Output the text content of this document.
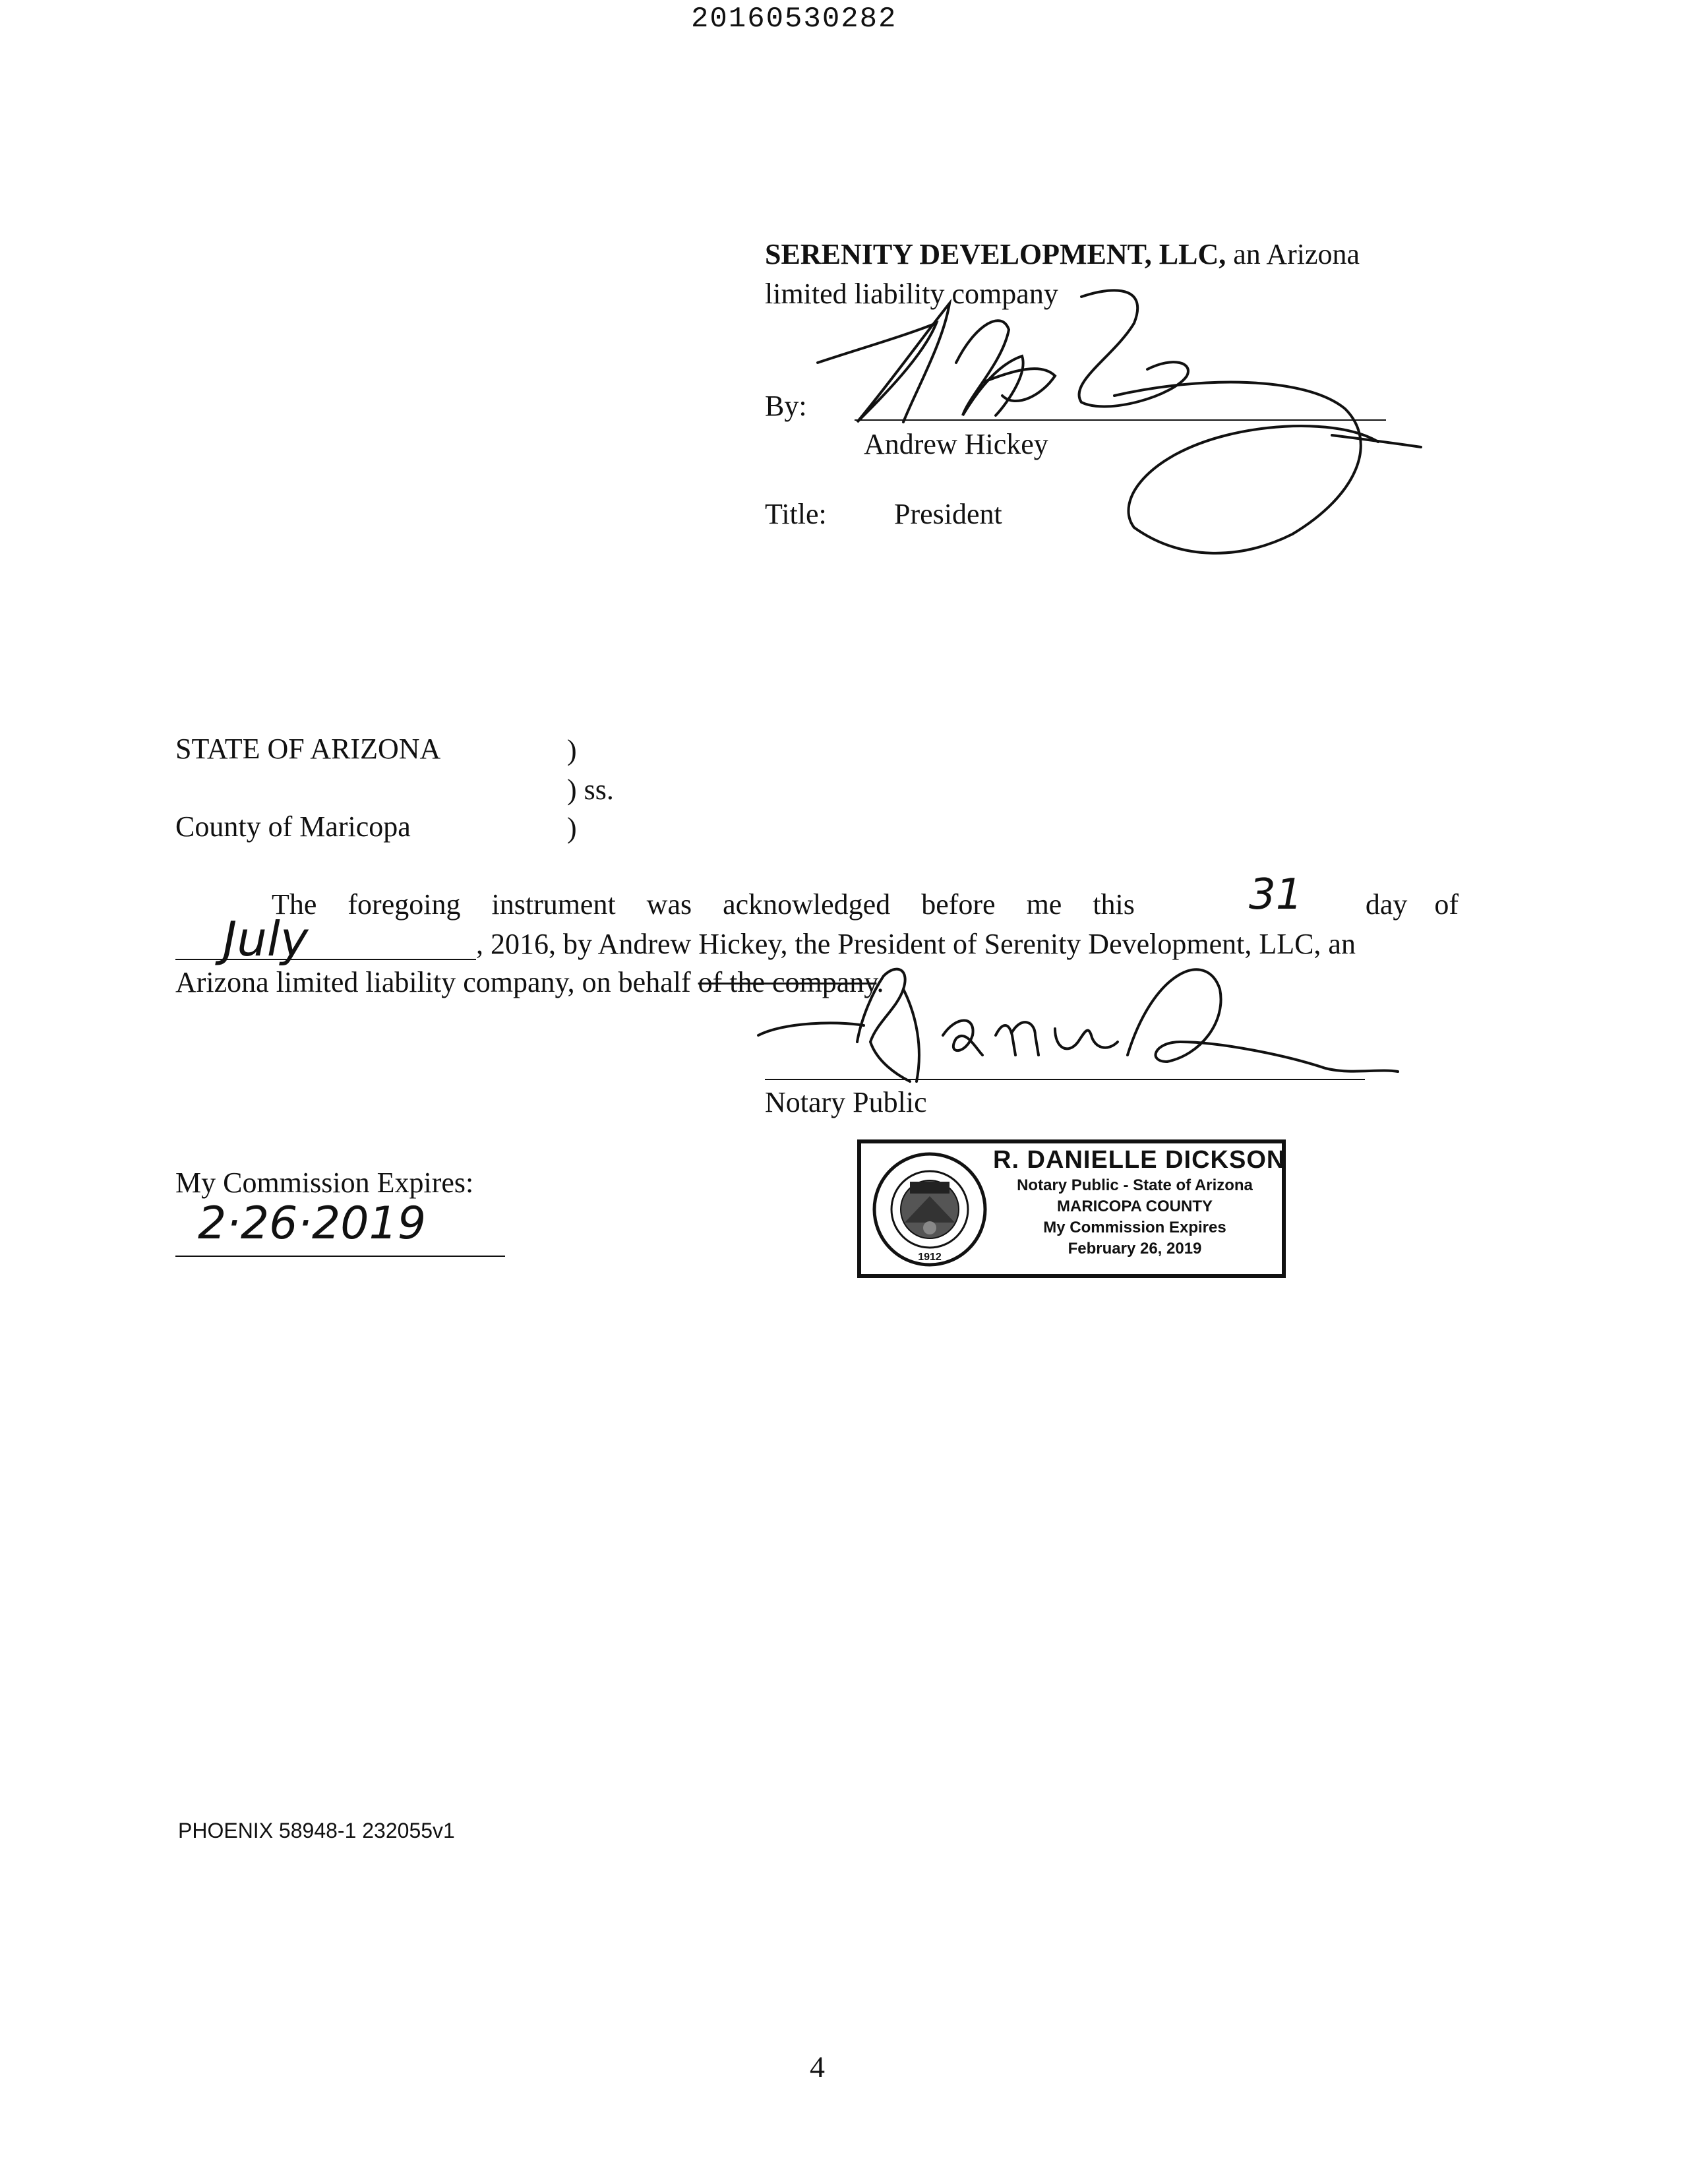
20160530282
SERENITY DEVELOPMENT, LLC, an Arizona
limited liability company
By:
Andrew Hickey
Title: President
STATE OF ARIZONA	)
) ss.
County of Maricopa	)
The foregoing instrument was acknowledged before me this	day of
31
July	, 2016, by Andrew Hickey, the President of Serenity Development, LLC, an
Arizona limited liability company, on behalf of the company.
Notary Public
My Commission Expires:
2·26·2019
1912
R. DANIELLE DICKSON
Notary Public - State of Arizona
MARICOPA COUNTY
My Commission Expires
February 26, 2019
PHOENIX 58948-1 232055v1
4
